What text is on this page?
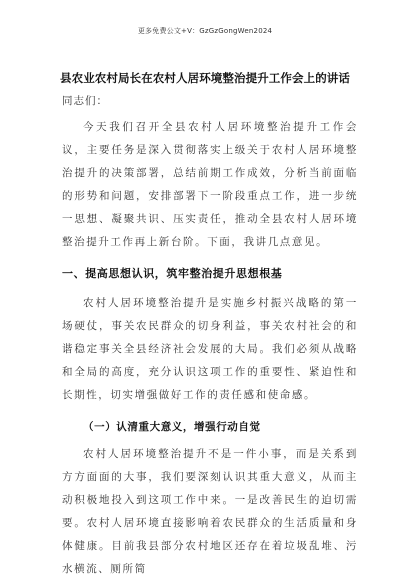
更多免费公文+V：GzGzGongWen2024
县农业农村局长在农村人居环境整治提升工作会上的讲话

同志们：

今天我们召开全县农村人居环境整治提升工作会议，主要任务是深入贯彻落实上级关于农村人居环境整治提升的决策部署，总结前期工作成效，分析当前面临的形势和问题，安排部署下一阶段重点工作，进一步统一思想、凝聚共识、压实责任，推动全县农村人居环境整治提升工作再上新台阶。下面，我讲几点意见。

一、提高思想认识，筑牢整治提升思想根基

农村人居环境整治提升是实施乡村振兴战略的第一场硬仗，事关农民群众的切身利益，事关农村社会的和谐稳定事关全县经济社会发展的大局。我们必须从战略和全局的高度，充分认识这项工作的重要性、紧迫性和长期性，切实增强做好工作的责任感和使命感。

（一）认清重大意义，增强行动自觉

农村人居环境整治提升不是一件小事，而是关系到方方面面的大事，我们要深刻认识其重大意义，从而主动积极地投入到这项工作中来。一是改善民生的迫切需要。农村人居环境直接影响着农民群众的生活质量和身体健康。目前我县部分农村地区还存在着垃圾乱堆、污水横流、厕所简
